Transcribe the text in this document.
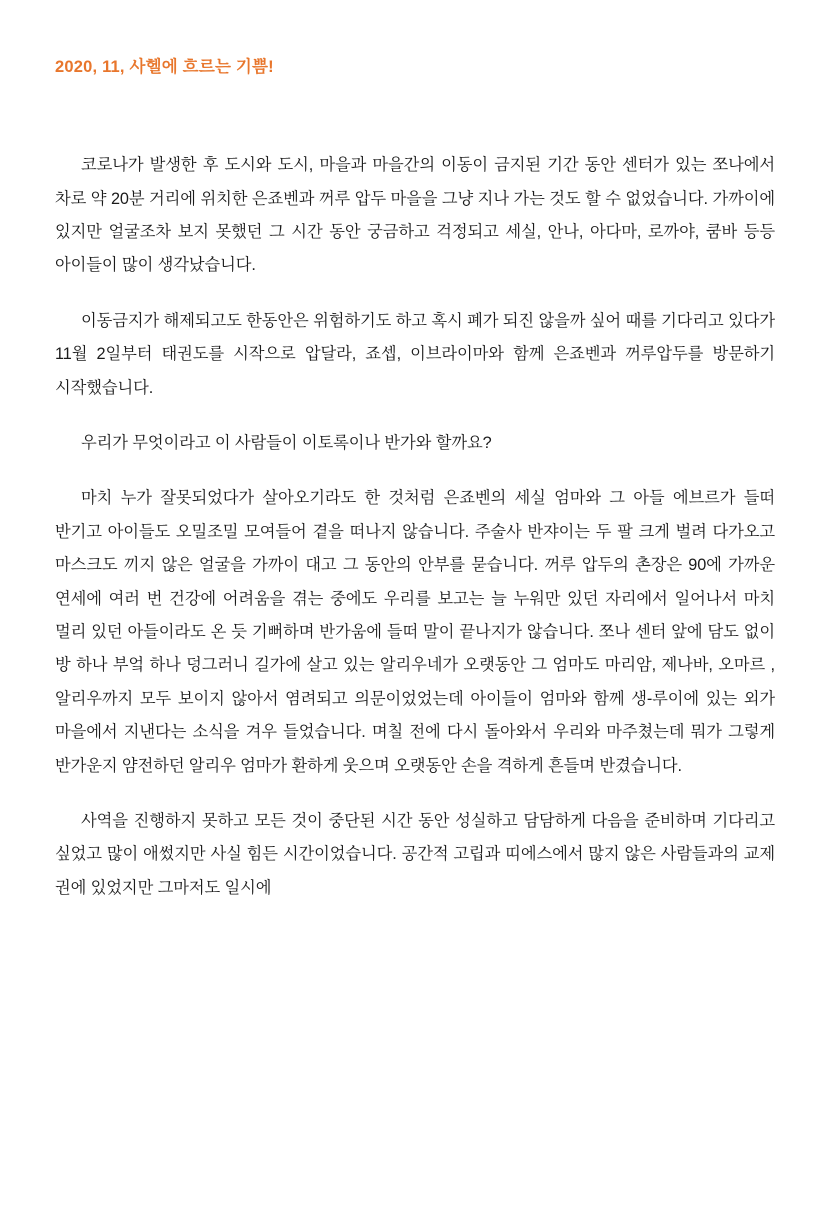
2020, 11, 사헬에 흐르는 기쁨!

코로나가 발생한 후 도시와 도시, 마을과 마을간의 이동이 금지된 기간 동안 센터가 있는 쪼나에서 차로 약 20분 거리에 위치한 은죠벤과 꺼루 압두 마을을 그냥 지나 가는 것도 할 수 없었습니다. 가까이에 있지만 얼굴조차 보지 못했던 그 시간 동안 궁금하고 걱정되고 세실, 안나, 아다마, 로까야, 쿰바 등등 아이들이 많이 생각났습니다.

이동금지가 해제되고도 한동안은 위험하기도 하고 혹시 폐가 되진 않을까 싶어 때를 기다리고 있다가 11월 2일부터 태권도를 시작으로 압달라, 죠셉, 이브라이마와 함께 은죠벤과 꺼루압두를 방문하기 시작했습니다.

우리가 무엇이라고 이 사람들이 이토록이나 반가와 할까요?

마치 누가 잘못되었다가 살아오기라도 한 것처럼 은죠벤의 세실 엄마와 그 아들 에브르가 들떠 반기고 아이들도 오밀조밀 모여들어 곁을 떠나지 않습니다. 주술사 반쟈이는 두 팔 크게 벌려 다가오고 마스크도 끼지 않은 얼굴을 가까이 대고 그 동안의 안부를 묻습니다. 꺼루 압두의 촌장은 90에 가까운 연세에 여러 번 건강에 어려움을 겪는 중에도 우리를 보고는 늘 누워만 있던 자리에서 일어나서 마치 멀리 있던 아들이라도 온 듯 기뻐하며 반가움에 들떠 말이 끝나지가 않습니다. 쪼나 센터 앞에 담도 없이 방 하나 부엌 하나 덩그러니 길가에 살고 있는 알리우네가 오랫동안 그 엄마도 마리암, 제나바, 오마르 ,알리우까지 모두 보이지 않아서 염려되고 의문이었었는데 아이들이 엄마와 함께 생-루이에 있는 외가 마을에서 지낸다는 소식을 겨우 들었습니다. 며칠 전에 다시 돌아와서 우리와 마주쳤는데 뭐가 그렇게 반가운지 얌전하던 알리우 엄마가 환하게 웃으며 오랫동안 손을 격하게 흔들며 반겼습니다.

사역을 진행하지 못하고 모든 것이 중단된 시간 동안 성실하고 담담하게 다음을 준비하며 기다리고 싶었고 많이 애썼지만 사실 힘든 시간이었습니다. 공간적 고립과 띠에스에서 많지 않은 사람들과의 교제 권에 있었지만 그마저도 일시에
